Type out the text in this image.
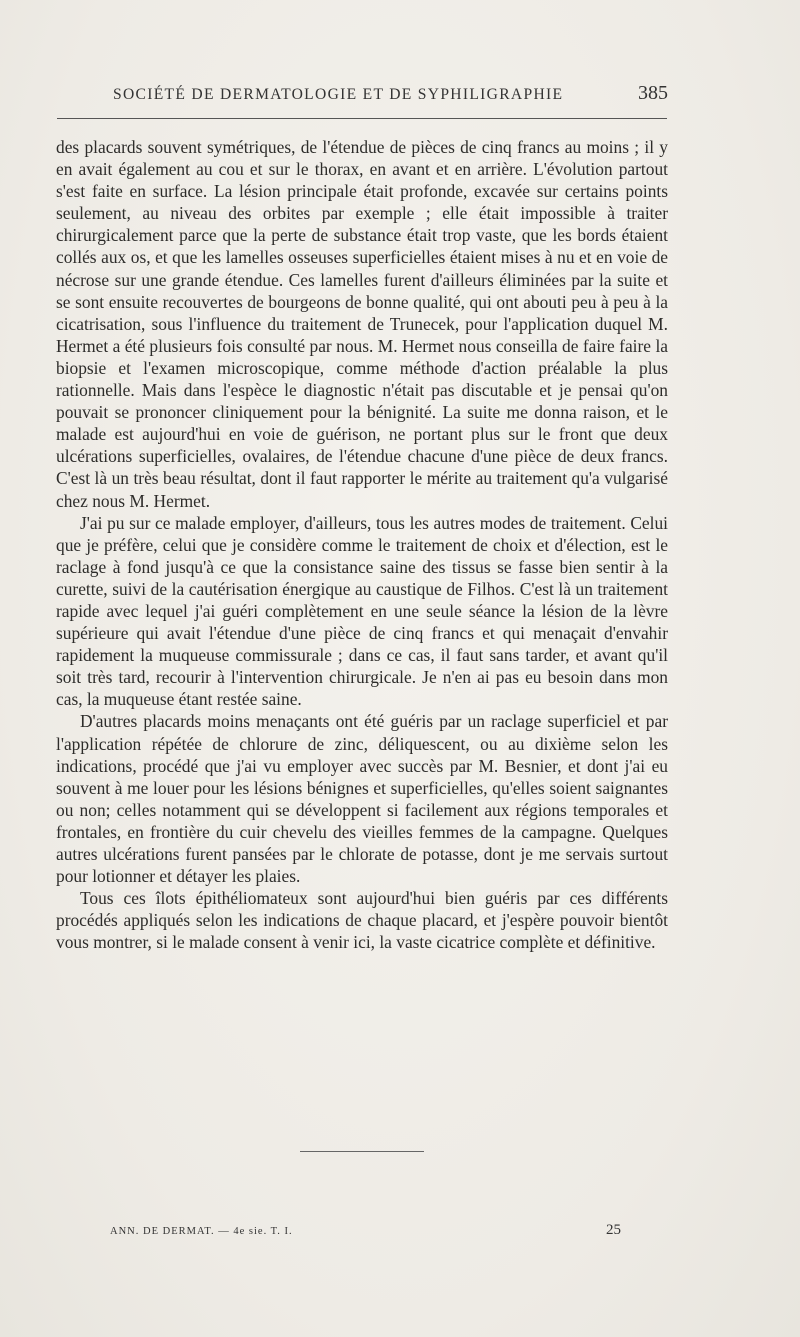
SOCIÉTÉ DE DERMATOLOGIE ET DE SYPHILIGRAPHIE	385

des placards souvent symétriques, de l'étendue de pièces de cinq francs au moins ; il y en avait également au cou et sur le thorax, en avant et en arrière. L'évolution partout s'est faite en surface. La lésion principale était profonde, excavée sur certains points seulement, au niveau des orbites par exemple ; elle était impossible à traiter chirurgicalement parce que la perte de substance était trop vaste, que les bords étaient collés aux os, et que les lamelles osseuses superficielles étaient mises à nu et en voie de nécrose sur une grande étendue. Ces lamelles furent d'ailleurs éliminées par la suite et se sont ensuite recouvertes de bourgeons de bonne qualité, qui ont abouti peu à peu à la cicatrisation, sous l'influence du traitement de Trunecek, pour l'application duquel M. Hermet a été plusieurs fois consulté par nous. M. Hermet nous conseilla de faire faire la biopsie et l'examen microscopique, comme méthode d'action préalable la plus rationnelle. Mais dans l'espèce le diagnostic n'était pas discutable et je pensai qu'on pouvait se prononcer cliniquement pour la bénignité. La suite me donna raison, et le malade est aujourd'hui en voie de guérison, ne portant plus sur le front que deux ulcérations superficielles, ovalaires, de l'étendue chacune d'une pièce de deux francs. C'est là un très beau résultat, dont il faut rapporter le mérite au traitement qu'a vulgarisé chez nous M. Hermet.

J'ai pu sur ce malade employer, d'ailleurs, tous les autres modes de traitement. Celui que je préfère, celui que je considère comme le traitement de choix et d'élection, est le raclage à fond jusqu'à ce que la consistance saine des tissus se fasse bien sentir à la curette, suivi de la cautérisation énergique au caustique de Filhos. C'est là un traitement rapide avec lequel j'ai guéri complètement en une seule séance la lésion de la lèvre supérieure qui avait l'étendue d'une pièce de cinq francs et qui menaçait d'envahir rapidement la muqueuse commissurale ; dans ce cas, il faut sans tarder, et avant qu'il soit très tard, recourir à l'intervention chirurgicale. Je n'en ai pas eu besoin dans mon cas, la muqueuse étant restée saine.

D'autres placards moins menaçants ont été guéris par un raclage superficiel et par l'application répétée de chlorure de zinc, déliquescent, ou au dixième selon les indications, procédé que j'ai vu employer avec succès par M. Besnier, et dont j'ai eu souvent à me louer pour les lésions bénignes et superficielles, qu'elles soient saignantes ou non; celles notamment qui se développent si facilement aux régions temporales et frontales, en frontière du cuir chevelu des vieilles femmes de la campagne. Quelques autres ulcérations furent pansées par le chlorate de potasse, dont je me servais surtout pour lotionner et détayer les plaies.

Tous ces îlots épithéliomateux sont aujourd'hui bien guéris par ces différents procédés appliqués selon les indications de chaque placard, et j'espère pouvoir bientôt vous montrer, si le malade consent à venir ici, la vaste cicatrice complète et définitive.

ANN. DE DERMAT. — 4e sie. T. I.	25
